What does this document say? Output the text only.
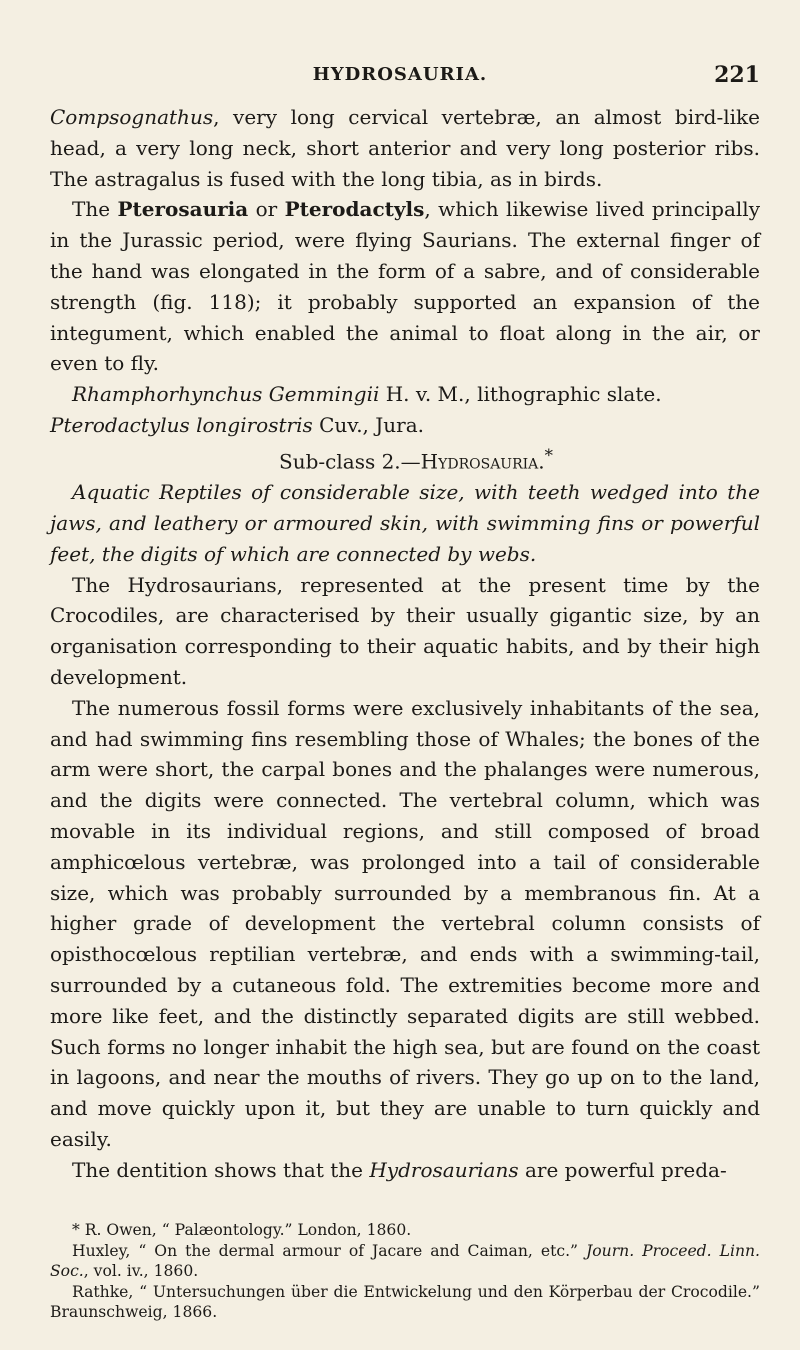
HYDROSAURIA.	221

Compsognathus, very long cervical vertebræ, an almost bird-like head, a very long neck, short anterior and very long posterior ribs. The astragalus is fused with the long tibia, as in birds.

The Pterosauria or Pterodactyls, which likewise lived principally in the Jurassic period, were flying Saurians. The external finger of the hand was elongated in the form of a sabre, and of considerable strength (fig. 118); it probably supported an expansion of the integument, which enabled the animal to float along in the air, or even to fly.

Rhamphorhynchus Gemmingii H. v. M., lithographic slate.

Pterodactylus longirostris Cuv., Jura.

Sub-class 2.—Hydrosauria.*

Aquatic Reptiles of considerable size, with teeth wedged into the jaws, and leathery or armoured skin, with swimming fins or powerful feet, the digits of which are connected by webs.

The Hydrosaurians, represented at the present time by the Crocodiles, are characterised by their usually gigantic size, by an organisation corresponding to their aquatic habits, and by their high development.

The numerous fossil forms were exclusively inhabitants of the sea, and had swimming fins resembling those of Whales; the bones of the arm were short, the carpal bones and the phalanges were numerous, and the digits were connected. The vertebral column, which was movable in its individual regions, and still composed of broad amphicœlous vertebræ, was prolonged into a tail of considerable size, which was probably surrounded by a membranous fin. At a higher grade of development the vertebral column consists of opisthocœlous reptilian vertebræ, and ends with a swimming-tail, surrounded by a cutaneous fold. The extremities become more and more like feet, and the distinctly separated digits are still webbed. Such forms no longer inhabit the high sea, but are found on the coast in lagoons, and near the mouths of rivers. They go up on to the land, and move quickly upon it, but they are unable to turn quickly and easily.

The dentition shows that the Hydrosaurians are powerful preda-

* R. Owen, “ Palæontology.” London, 1860.

Huxley, “ On the dermal armour of Jacare and Caiman, etc.” Journ. Proceed. Linn. Soc., vol. iv., 1860.

Rathke, “ Untersuchungen über die Entwickelung und den Körperbau der Crocodile.” Braunschweig, 1866.
